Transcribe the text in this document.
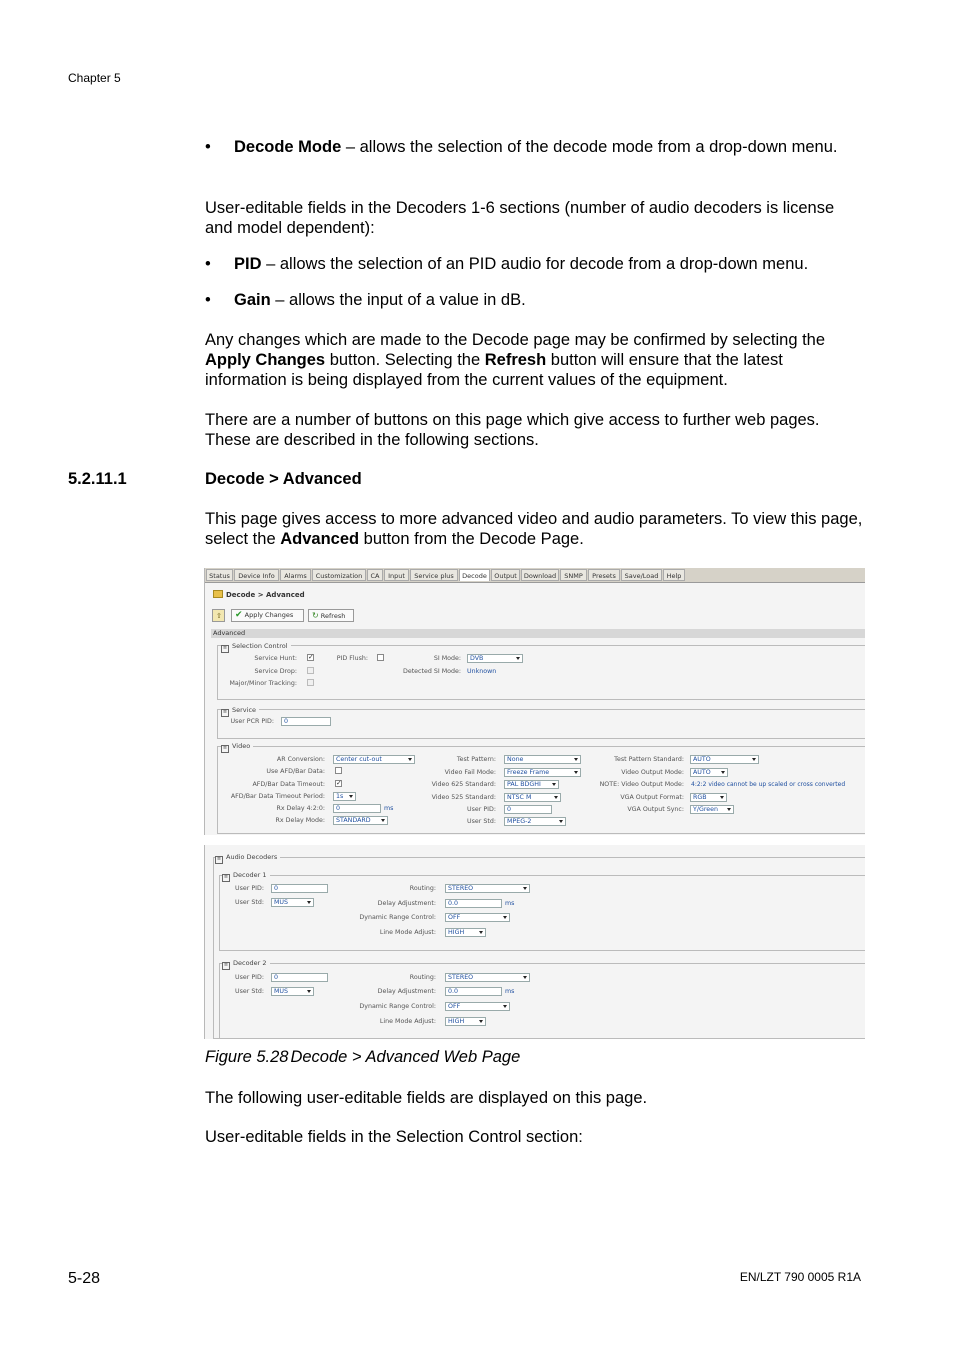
Chapter 5
• Decode Mode – allows the selection of the decode mode from a drop-down menu.
User-editable fields in the Decoders 1-6 sections (number of audio decoders is license and model dependent):
• PID – allows the selection of an PID audio for decode from a drop-down menu.
• Gain – allows the input of a value in dB.
Any changes which are made to the Decode page may be confirmed by selecting the Apply Changes button. Selecting the Refresh button will ensure that the latest information is being displayed from the current values of the equipment.
There are a number of buttons on this page which give access to further web pages. These are described in the following sections.
5.2.11.1	Decode > Advanced
This page gives access to more advanced video and audio parameters. To view this page, select the Advanced button from the Decode Page.
Status	Device Info	Alarms	Customization	CA	Input	Service plus	Decode	Output	Download	SNMP	Presets	Save/Load	Help
Decode > Advanced
⇧	✔ Apply Changes	↻ Refresh
Advanced
≡ Selection Control
Service Hunt: ✓	PID Flush:	SI Mode:	DVB
Service Drop:	Detected SI Mode: Unknown
Major/Minor Tracking:
≡ Service
User PCR PID:	0
≡ Video
AR Conversion:	Center cut-out
Use AFD/Bar Data:
AFD/Bar Data Timeout: ✓
AFD/Bar Data Timeout Period:	1s
Rx Delay 4:2:0:	0	ms
Rx Delay Mode:	STANDARD
Test Pattern:	None
Video Fail Mode:	Freeze Frame
Video 625 Standard:	PAL BDGHI
Video 525 Standard:	NTSC M
User PID:	0
User Std:	MPEG-2
Test Pattern Standard:	AUTO
Video Output Mode:	AUTO
NOTE: Video Output Mode: 4:2:2 video cannot be up scaled or cross converted
VGA Output Format:	RGB
VGA Output Sync:	Y/Green
≡ Audio Decoders
≡ Decoder 1
User PID:	0
User Std:	MUS
Routing:	STEREO
Delay Adjustment:	0.0	ms
Dynamic Range Control:	OFF
Line Mode Adjust:	HIGH
≡ Decoder 2
User PID:	0
User Std:	MUS
Routing:	STEREO
Delay Adjustment:	0.0	ms
Dynamic Range Control:	OFF
Line Mode Adjust:	HIGH
Figure 5.28 Decode > Advanced Web Page
The following user-editable fields are displayed on this page.
User-editable fields in the Selection Control section:
5-28	EN/LZT 790 0005 R1A
